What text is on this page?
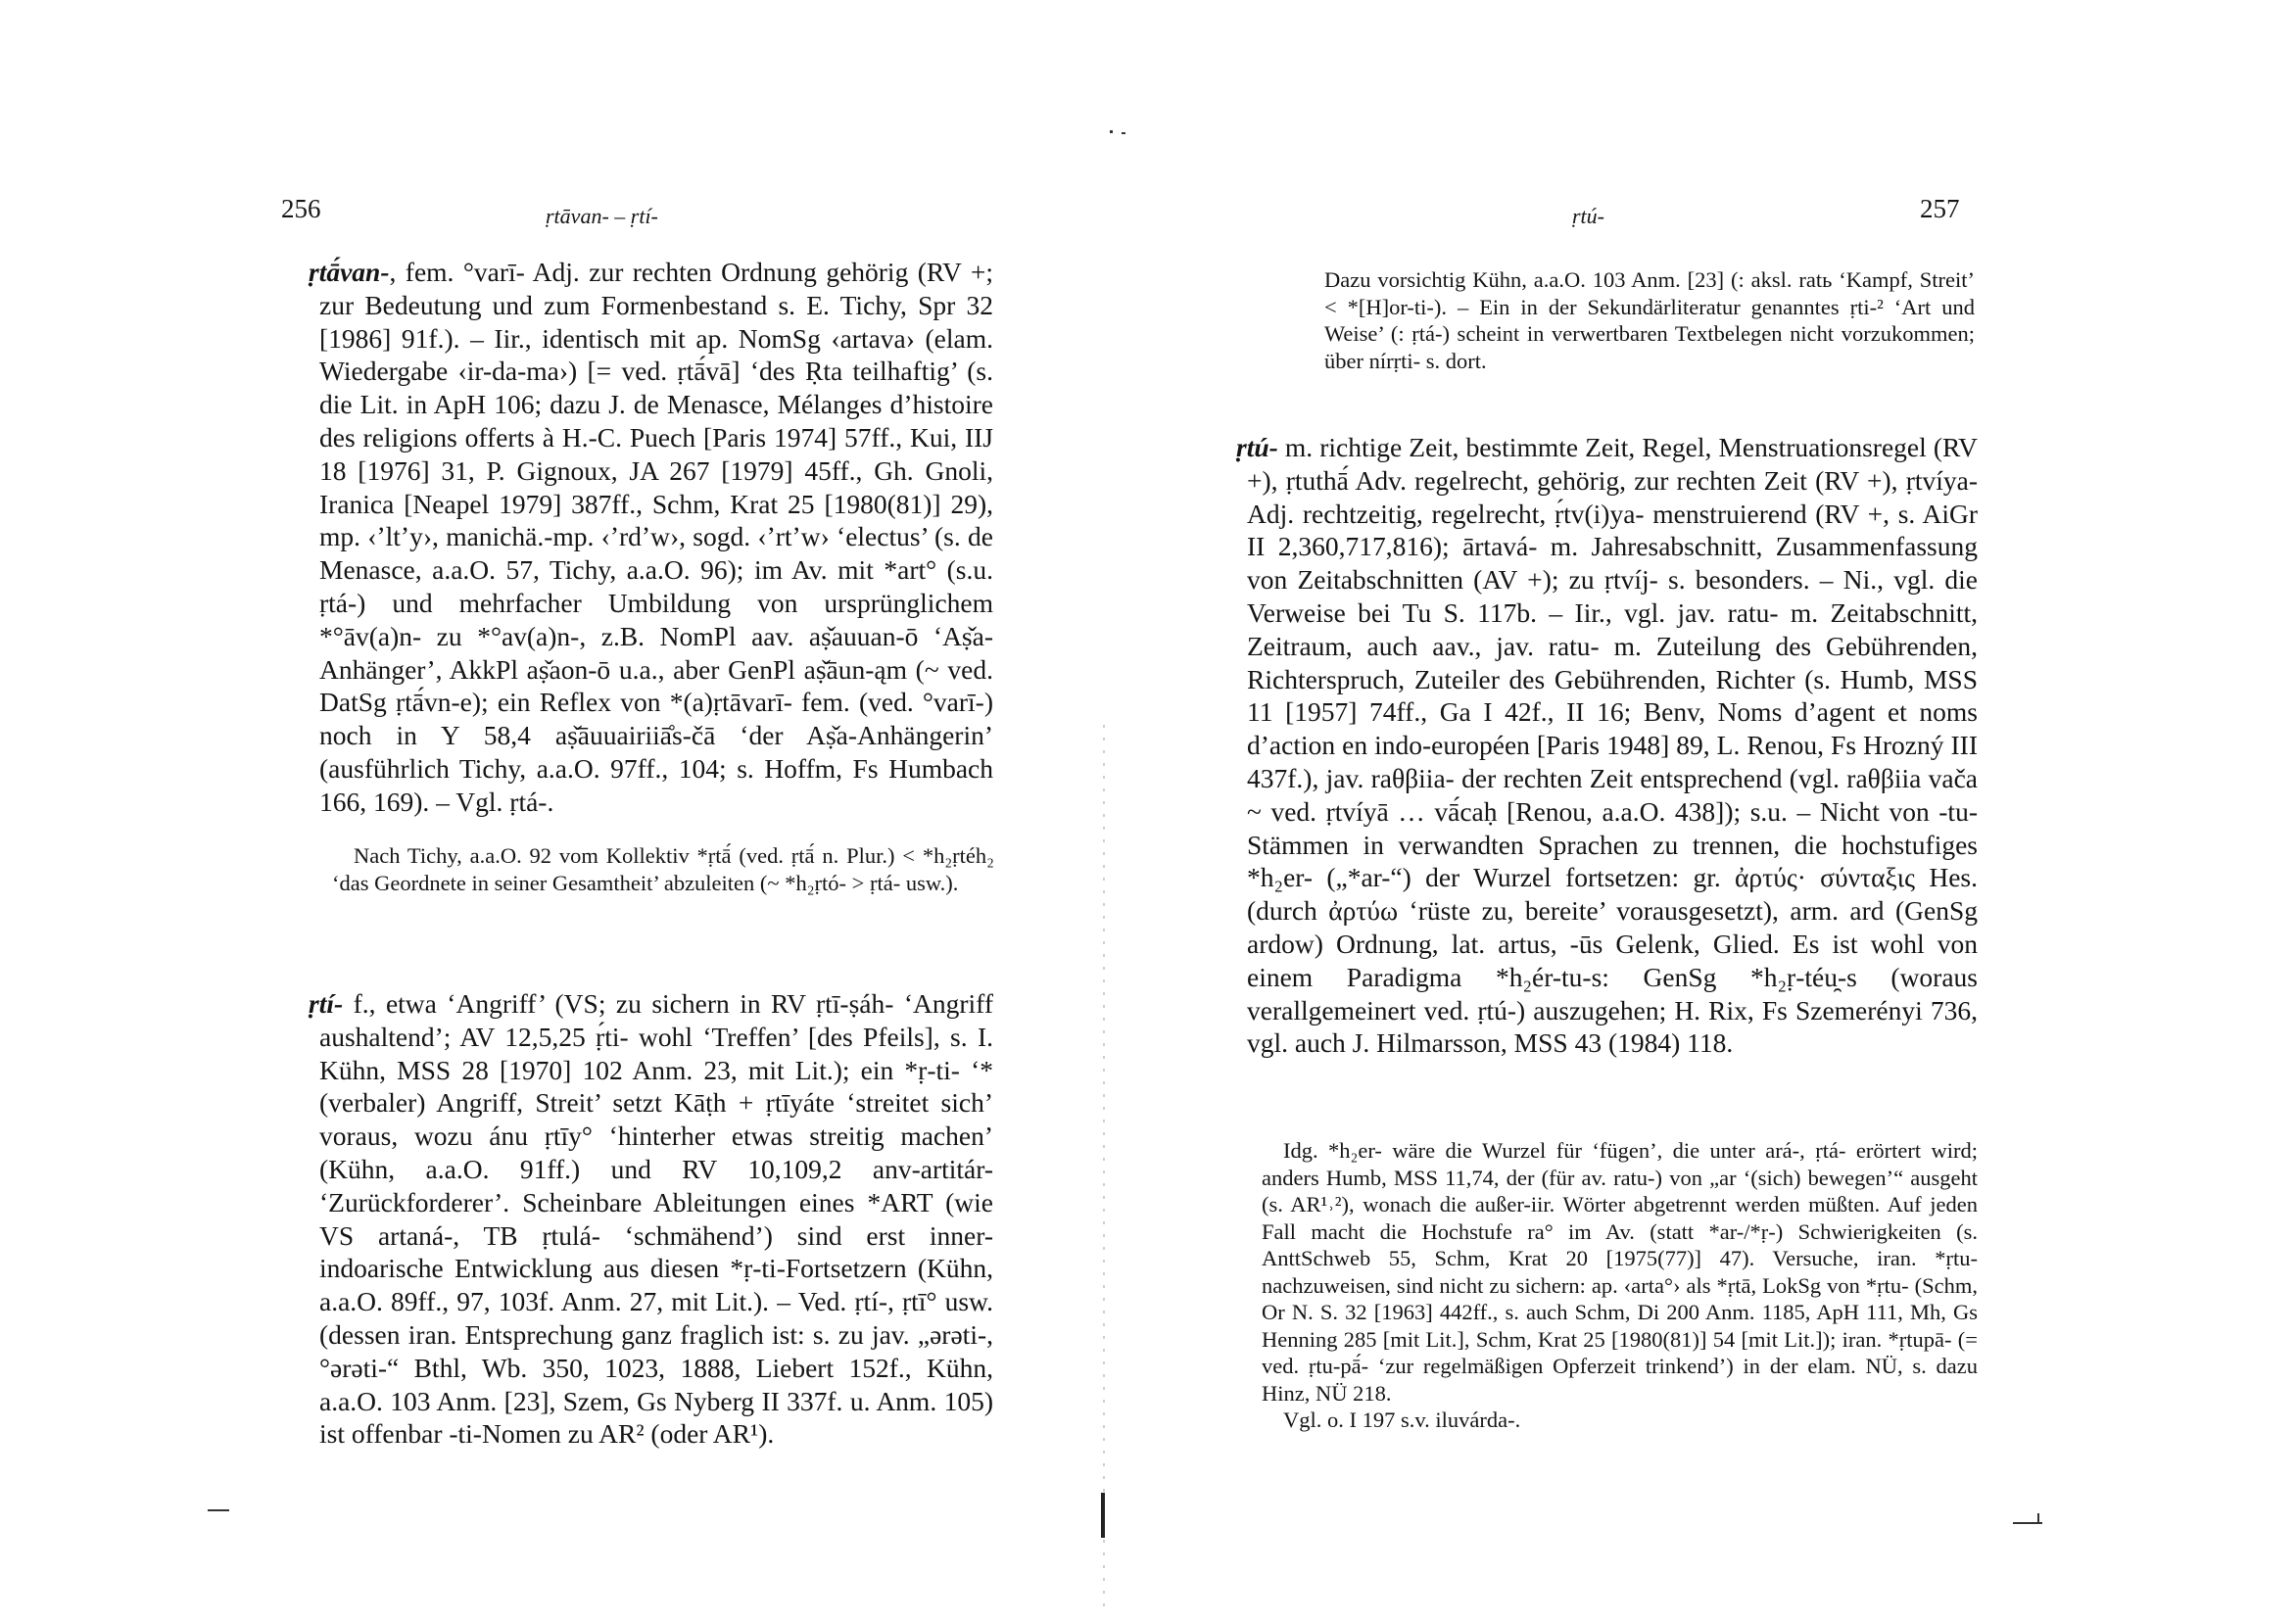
256	ṛtāvan- – ṛtí-

ṛtā́van-, fem. °varī- Adj. zur rechten Ordnung gehörig (RV +; zur Bedeutung und zum Formenbestand s. E. Tichy, Spr 32 [1986] 91f.). – Iir., identisch mit ap. NomSg ‹artava› (elam. Wiedergabe ‹ir-da-ma›) [= ved. ṛtā́vā] ‘des Ṛta teilhaftig’ (s. die Lit. in ApH 106; dazu J. de Menasce, Mélanges d’histoire des religions offerts à H.-C. Puech [Paris 1974] 57ff., Kui, IIJ 18 [1976] 31, P. Gignoux, JA 267 [1979] 45ff., Gh. Gnoli, Iranica [Neapel 1979] 387ff., Schm, Krat 25 [1980(81)] 29), mp. ‹ʼltʼy›, manichä.-mp. ‹ʼrdʼw›, sogd. ‹ʼrtʼw› ‘electus’ (s. de Menasce, a.a.O. 57, Tichy, a.a.O. 96); im Av. mit *art° (s.u. ṛtá-) und mehrfacher Umbildung von ursprünglichem *°āv(a)n- zu *°av(a)n-, z.B. NomPl aav. aṣ̌auuan-ō ‘Aṣ̌a-Anhänger’, AkkPl aṣ̌aon-ō u.a., aber GenPl aṣ̌āun-ąm (~ ved. DatSg ṛtā́vn-e); ein Reflex von *(a)ṛtāvarī- fem. (ved. °varī-) noch in Y 58,4 aṣ̌āuuairiiā̊s-čā ‘der Aṣ̌a-Anhängerin’ (ausführlich Tichy, a.a.O. 97ff., 104; s. Hoffm, Fs Humbach 166, 169). – Vgl. ṛtá-.

Nach Tichy, a.a.O. 92 vom Kollektiv *ṛtā́ (ved. ṛtā́ n. Plur.) < *h₂ṛtéh₂ ‘das Geordnete in seiner Gesamtheit’ abzuleiten (~ *h₂ṛtó- > ṛtá- usw.).

ṛtí- f., etwa ‘Angriff’ (VS; zu sichern in RV ṛtī-ṣáh- ‘Angriff aushaltend’; AV 12,5,25 ṛ́ti- wohl ‘Treffen’ [des Pfeils], s. I. Kühn, MSS 28 [1970] 102 Anm. 23, mit Lit.); ein *ṛ-ti- ‘*(verbaler) Angriff, Streit’ setzt Kāṭh + ṛtīyáte ‘streitet sich’ voraus, wozu ánu ṛtīy° ‘hinterher etwas streitig machen’ (Kühn, a.a.O. 91ff.) und RV 10,109,2 anv-artitár- ‘Zurückforderer’. Scheinbare Ableitungen eines *ART (wie VS artaná-, TB ṛtulá- ‘schmähend’) sind erst inner-indoarische Entwicklung aus diesen *ṛ-ti-Fortsetzern (Kühn, a.a.O. 89ff., 97, 103f. Anm. 27, mit Lit.). – Ved. ṛtí-, ṛtī° usw. (dessen iran. Entsprechung ganz fraglich ist: s. zu jav. „ərəti-, °ərəti-“ Bthl, Wb. 350, 1023, 1888, Liebert 152f., Kühn, a.a.O. 103 Anm. [23], Szem, Gs Nyberg II 337f. u. Anm. 105) ist offenbar -ti-Nomen zu AR² (oder AR¹).

ṛtú-	257

Dazu vorsichtig Kühn, a.a.O. 103 Anm. [23] (: aksl. ratь ‘Kampf, Streit’ < *[H]or-ti-). – Ein in der Sekundärliteratur genanntes ṛti-² ‘Art und Weise’ (: ṛtá-) scheint in verwertbaren Textbelegen nicht vorzukommen; über nírṛti- s. dort.

ṛtú- m. richtige Zeit, bestimmte Zeit, Regel, Menstruationsregel (RV +), ṛtuthā́ Adv. regelrecht, gehörig, zur rechten Zeit (RV +), ṛtvíya- Adj. rechtzeitig, regelrecht, ṛ́tv(i)ya- menstruierend (RV +, s. AiGr II 2,360,717,816); ārtavá- m. Jahresabschnitt, Zusammenfassung von Zeitabschnitten (AV +); zu ṛtvíj- s. besonders. – Ni., vgl. die Verweise bei Tu S. 117b. – Iir., vgl. jav. ratu- m. Zeitabschnitt, Zeitraum, auch aav., jav. ratu- m. Zuteilung des Gebührenden, Richterspruch, Zuteiler des Gebührenden, Richter (s. Humb, MSS 11 [1957] 74ff., Ga I 42f., II 16; Benv, Noms d’agent et noms d’action en indo-européen [Paris 1948] 89, L. Renou, Fs Hrozný III 437f.), jav. raθβiia- der rechten Zeit entsprechend (vgl. raθβiia vača ~ ved. ṛtvíyā … vā́caḥ [Renou, a.a.O. 438]); s.u. – Nicht von -tu-Stämmen in verwandten Sprachen zu trennen, die hochstufiges *h₂er- („*ar-“) der Wurzel fortsetzen: gr. ἀρτύς· σύνταξις Hes. (durch ἀρτύω ‘rüste zu, bereite’ vorausgesetzt), arm. ard (GenSg ardow) Ordnung, lat. artus, -ūs Gelenk, Glied. Es ist wohl von einem Paradigma *h₂ér-tu-s: GenSg *h₂ṛ-téu̯-s (woraus verallgemeinert ved. ṛtú-) auszugehen; H. Rix, Fs Szemerényi 736, vgl. auch J. Hilmarsson, MSS 43 (1984) 118.

Idg. *h₂er- wäre die Wurzel für ‘fügen’, die unter ará-, ṛtá- erörtert wird; anders Humb, MSS 11,74, der (für av. ratu-) von „ar ‘(sich) bewegen’“ ausgeht (s. AR¹˒²), wonach die außer-iir. Wörter abgetrennt werden müßten. Auf jeden Fall macht die Hochstufe ra° im Av. (statt *ar-/*ṛ-) Schwierigkeiten (s. AnttSchweb 55, Schm, Krat 20 [1975(77)] 47). Versuche, iran. *ṛtu- nachzuweisen, sind nicht zu sichern: ap. ‹arta°› als *ṛtā, LokSg von *ṛtu- (Schm, Or N. S. 32 [1963] 442ff., s. auch Schm, Di 200 Anm. 1185, ApH 111, Mh, Gs Henning 285 [mit Lit.], Schm, Krat 25 [1980(81)] 54 [mit Lit.]); iran. *ṛtupā- (= ved. ṛtu-pā́- ‘zur regelmäßigen Opferzeit trinkend’) in der elam. NÜ, s. dazu Hinz, NÜ 218.

Vgl. o. I 197 s.v. iluvárda-.
